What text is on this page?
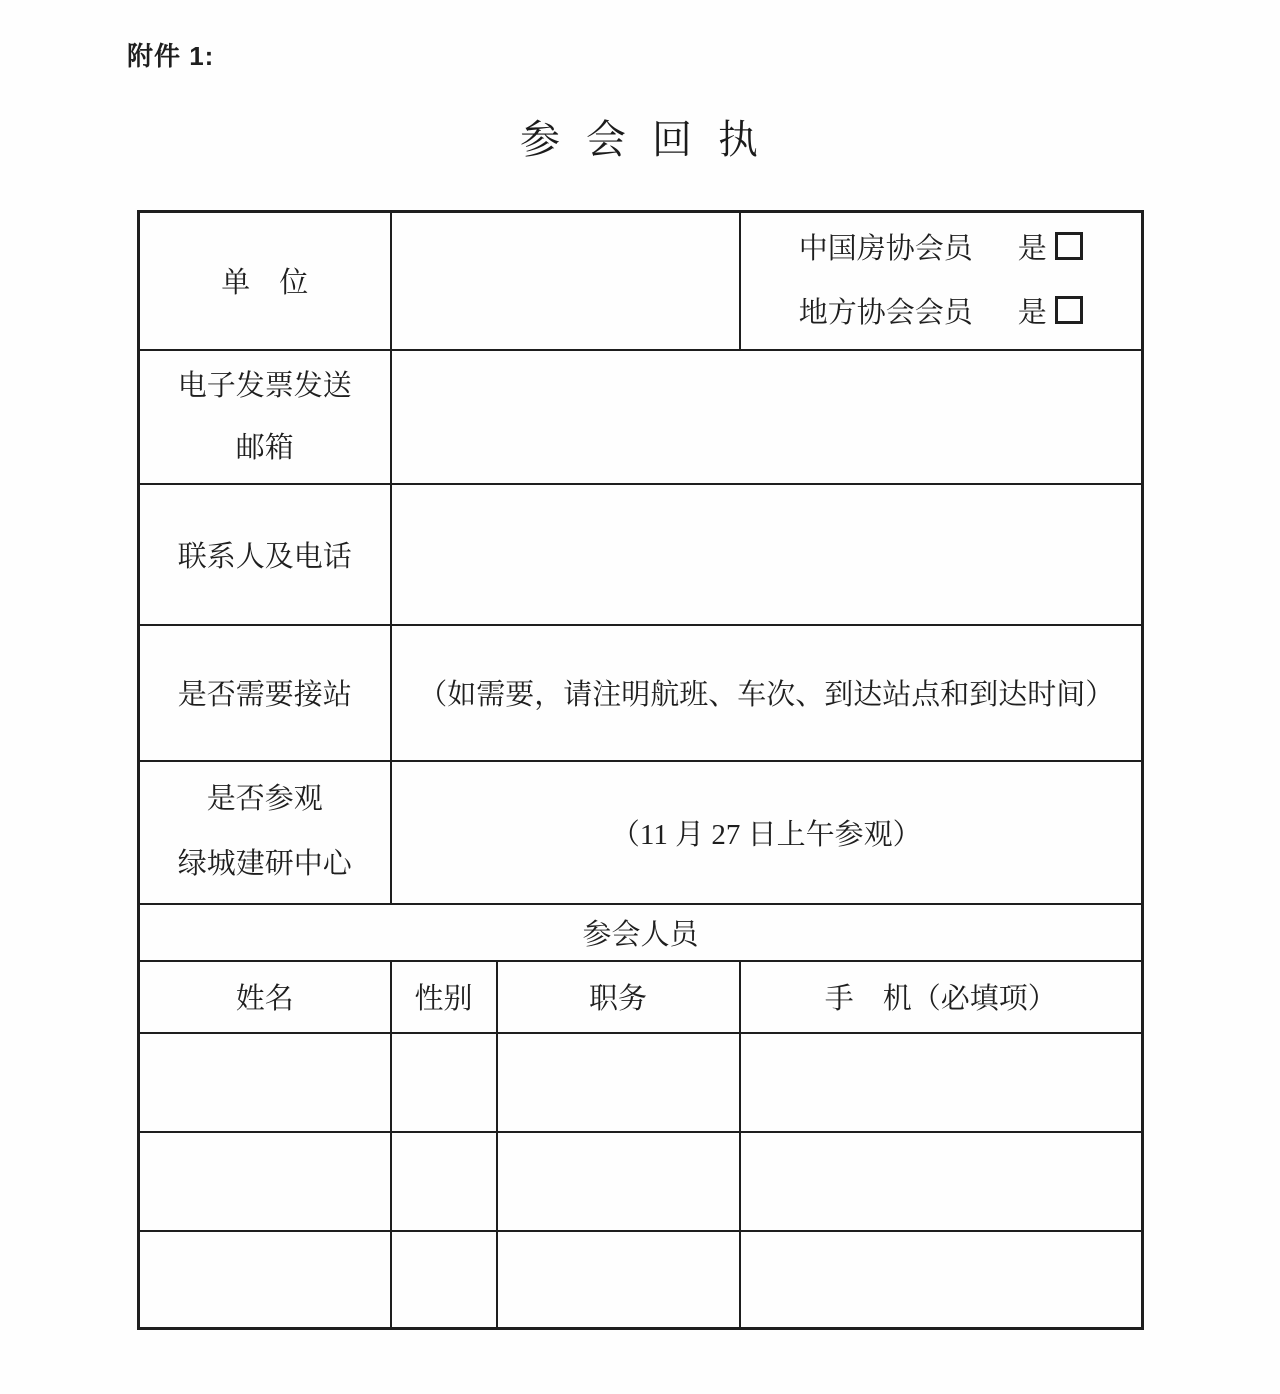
附件 1:
参 会 回 执
单　位			中国房协会员 是
地方协会会员 是

电子发票发送
邮箱			

联系人及电话			
是否需要接站	（如需要，请注明航班、车次、到达站点和到达时间）		

是否参观
绿城建研中心	（11 月 27 日上午参观）		
参会人员			
姓名	性别	职务	手　机（必填项）
